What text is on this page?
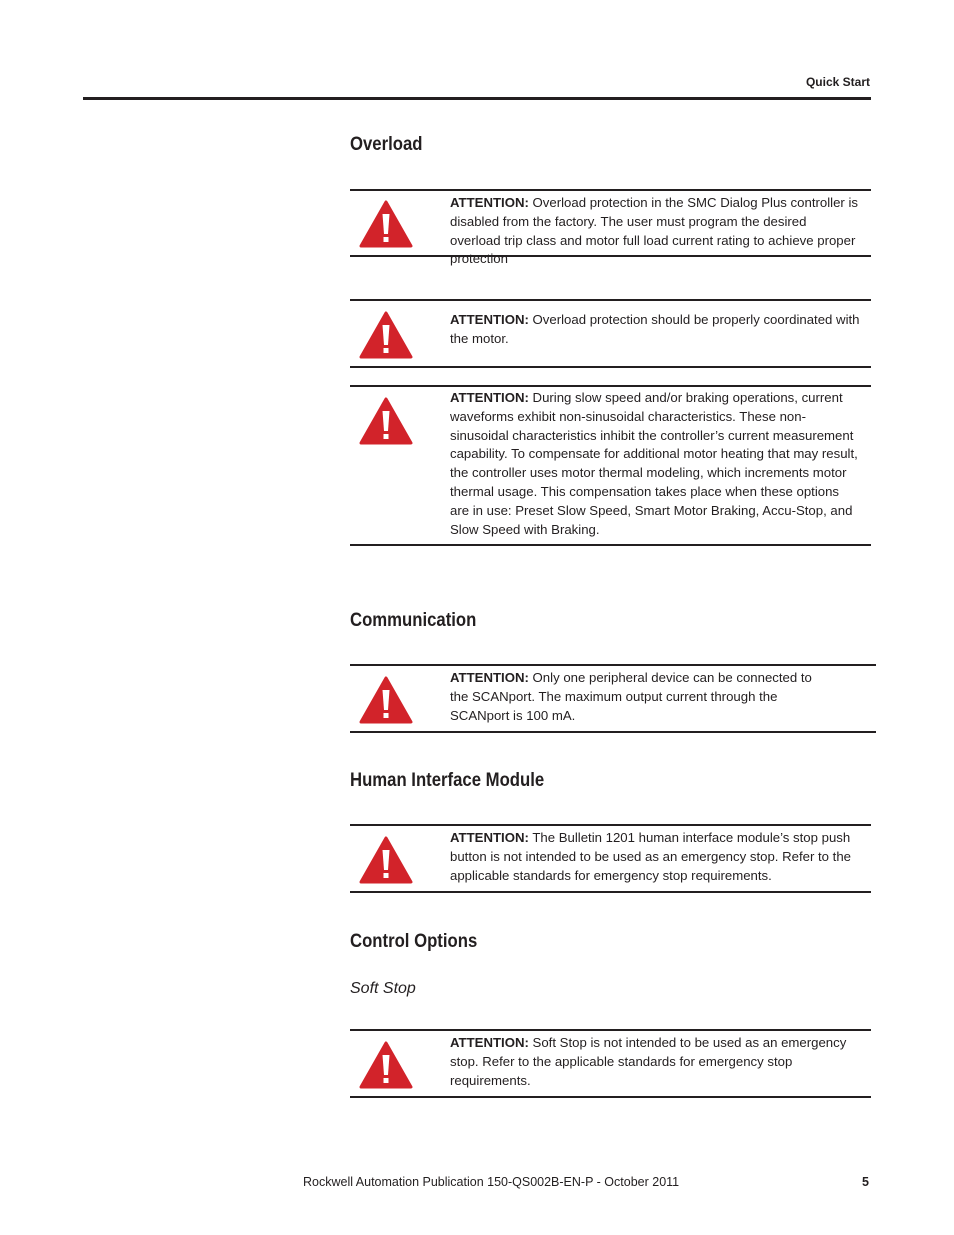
Quick Start
Overload
ATTENTION: Overload protection in the SMC Dialog Plus controller is disabled from the factory. The user must program the desired overload trip class and motor full load current rating to achieve proper protection
ATTENTION: Overload protection should be properly coordinated with the motor.
ATTENTION: During slow speed and/or braking operations, current waveforms exhibit non-sinusoidal characteristics. These non-sinusoidal characteristics inhibit the controller’s current measurement capability. To compensate for additional motor heating that may result, the controller uses motor thermal modeling, which increments motor thermal usage. This compensation takes place when these options are in use: Preset Slow Speed, Smart Motor Braking, Accu-Stop, and Slow Speed with Braking.
Communication
ATTENTION: Only one peripheral device can be connected to the SCANport. The maximum output current through the SCANport is 100 mA.
Human Interface Module
ATTENTION: The Bulletin 1201 human interface module’s stop push button is not intended to be used as an emergency stop. Refer to the applicable standards for emergency stop requirements.
Control Options
Soft Stop
ATTENTION: Soft Stop is not intended to be used as an emergency stop. Refer to the applicable standards for emergency stop requirements.
Rockwell Automation Publication 150-QS002B-EN-P - October 2011	5
